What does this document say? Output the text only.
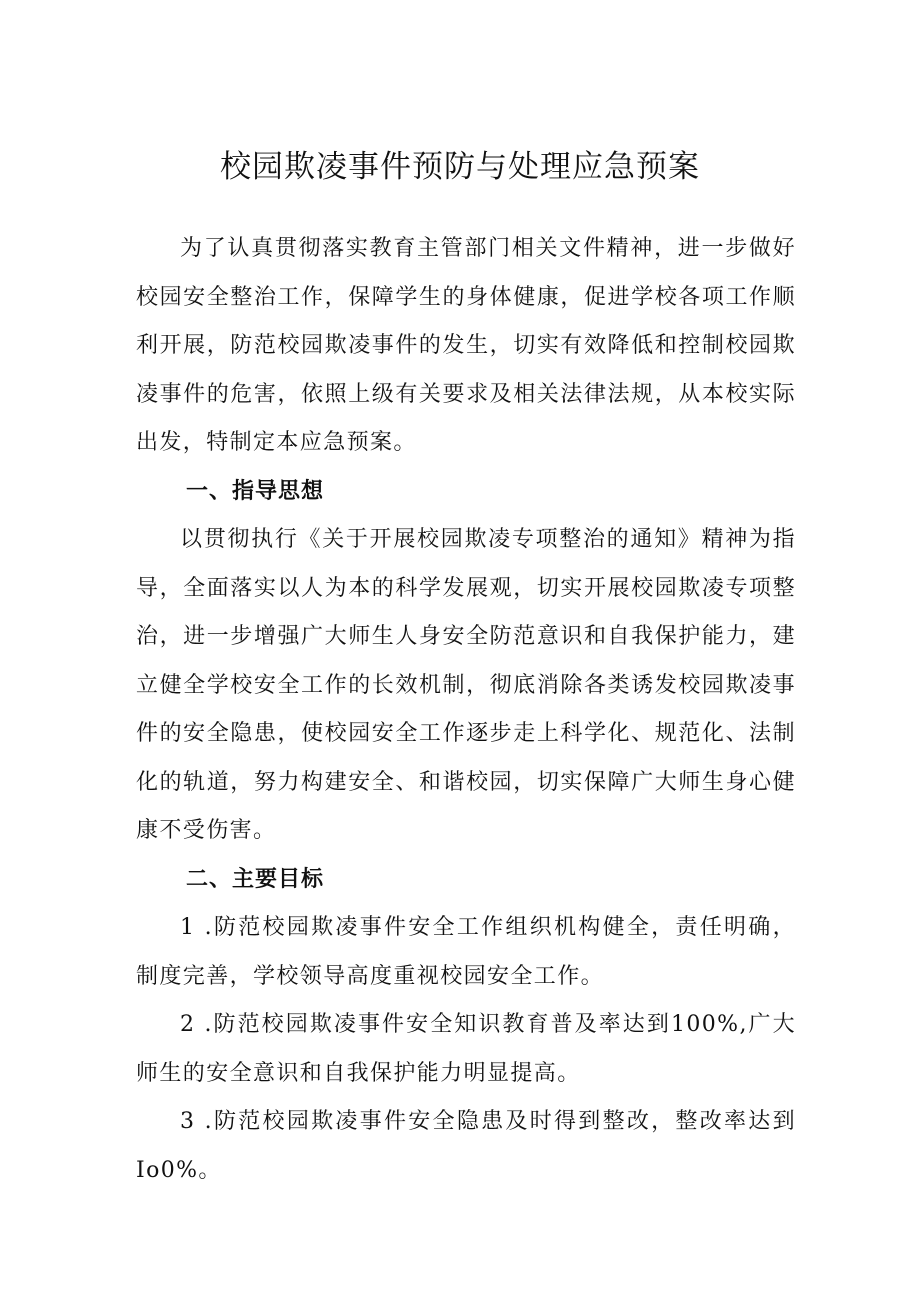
校园欺凌事件预防与处理应急预案

为了认真贯彻落实教育主管部门相关文件精神，进一步做好校园安全整治工作，保障学生的身体健康，促进学校各项工作顺利开展，防范校园欺凌事件的发生，切实有效降低和控制校园欺凌事件的危害，依照上级有关要求及相关法律法规，从本校实际出发，特制定本应急预案。

一、指导思想

以贯彻执行《关于开展校园欺凌专项整治的通知》精神为指导，全面落实以人为本的科学发展观，切实开展校园欺凌专项整治，进一步增强广大师生人身安全防范意识和自我保护能力，建立健全学校安全工作的长效机制，彻底消除各类诱发校园欺凌事件的安全隐患，使校园安全工作逐步走上科学化、规范化、法制化的轨道，努力构建安全、和谐校园，切实保障广大师生身心健康不受伤害。

二、主要目标

1 .防范校园欺凌事件安全工作组织机构健全，责任明确，制度完善，学校领导高度重视校园安全工作。

2 .防范校园欺凌事件安全知识教育普及率达到100%,广大师生的安全意识和自我保护能力明显提高。

3 .防范校园欺凌事件安全隐患及时得到整改，整改率达到Io0%。
